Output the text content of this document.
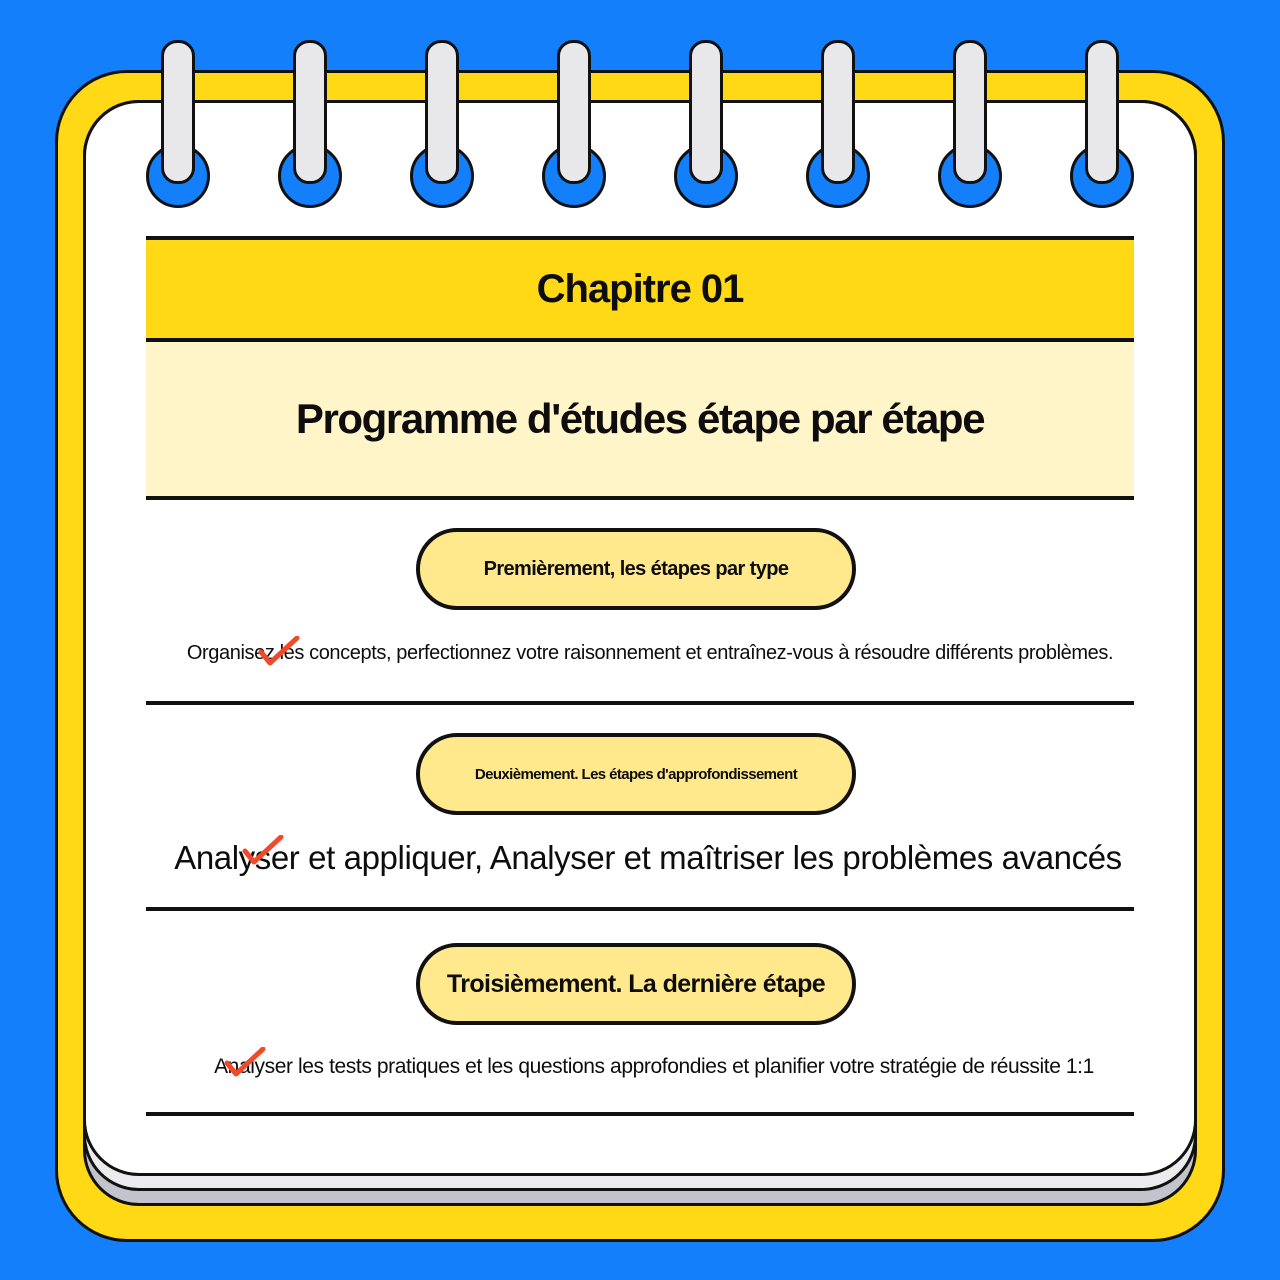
Chapitre 01
Programme d'études étape par étape
Premièrement, les étapes par type
Organisez les concepts, perfectionnez votre raisonnement et entraînez-vous à résoudre différents problèmes.
Deuxièmement. Les étapes d'approfondissement
Analyser et appliquer, Analyser et maîtriser les problèmes avancés
Troisièmement. La dernière étape
Analyser les tests pratiques et les questions approfondies et planifier votre stratégie de réussite 1:1
